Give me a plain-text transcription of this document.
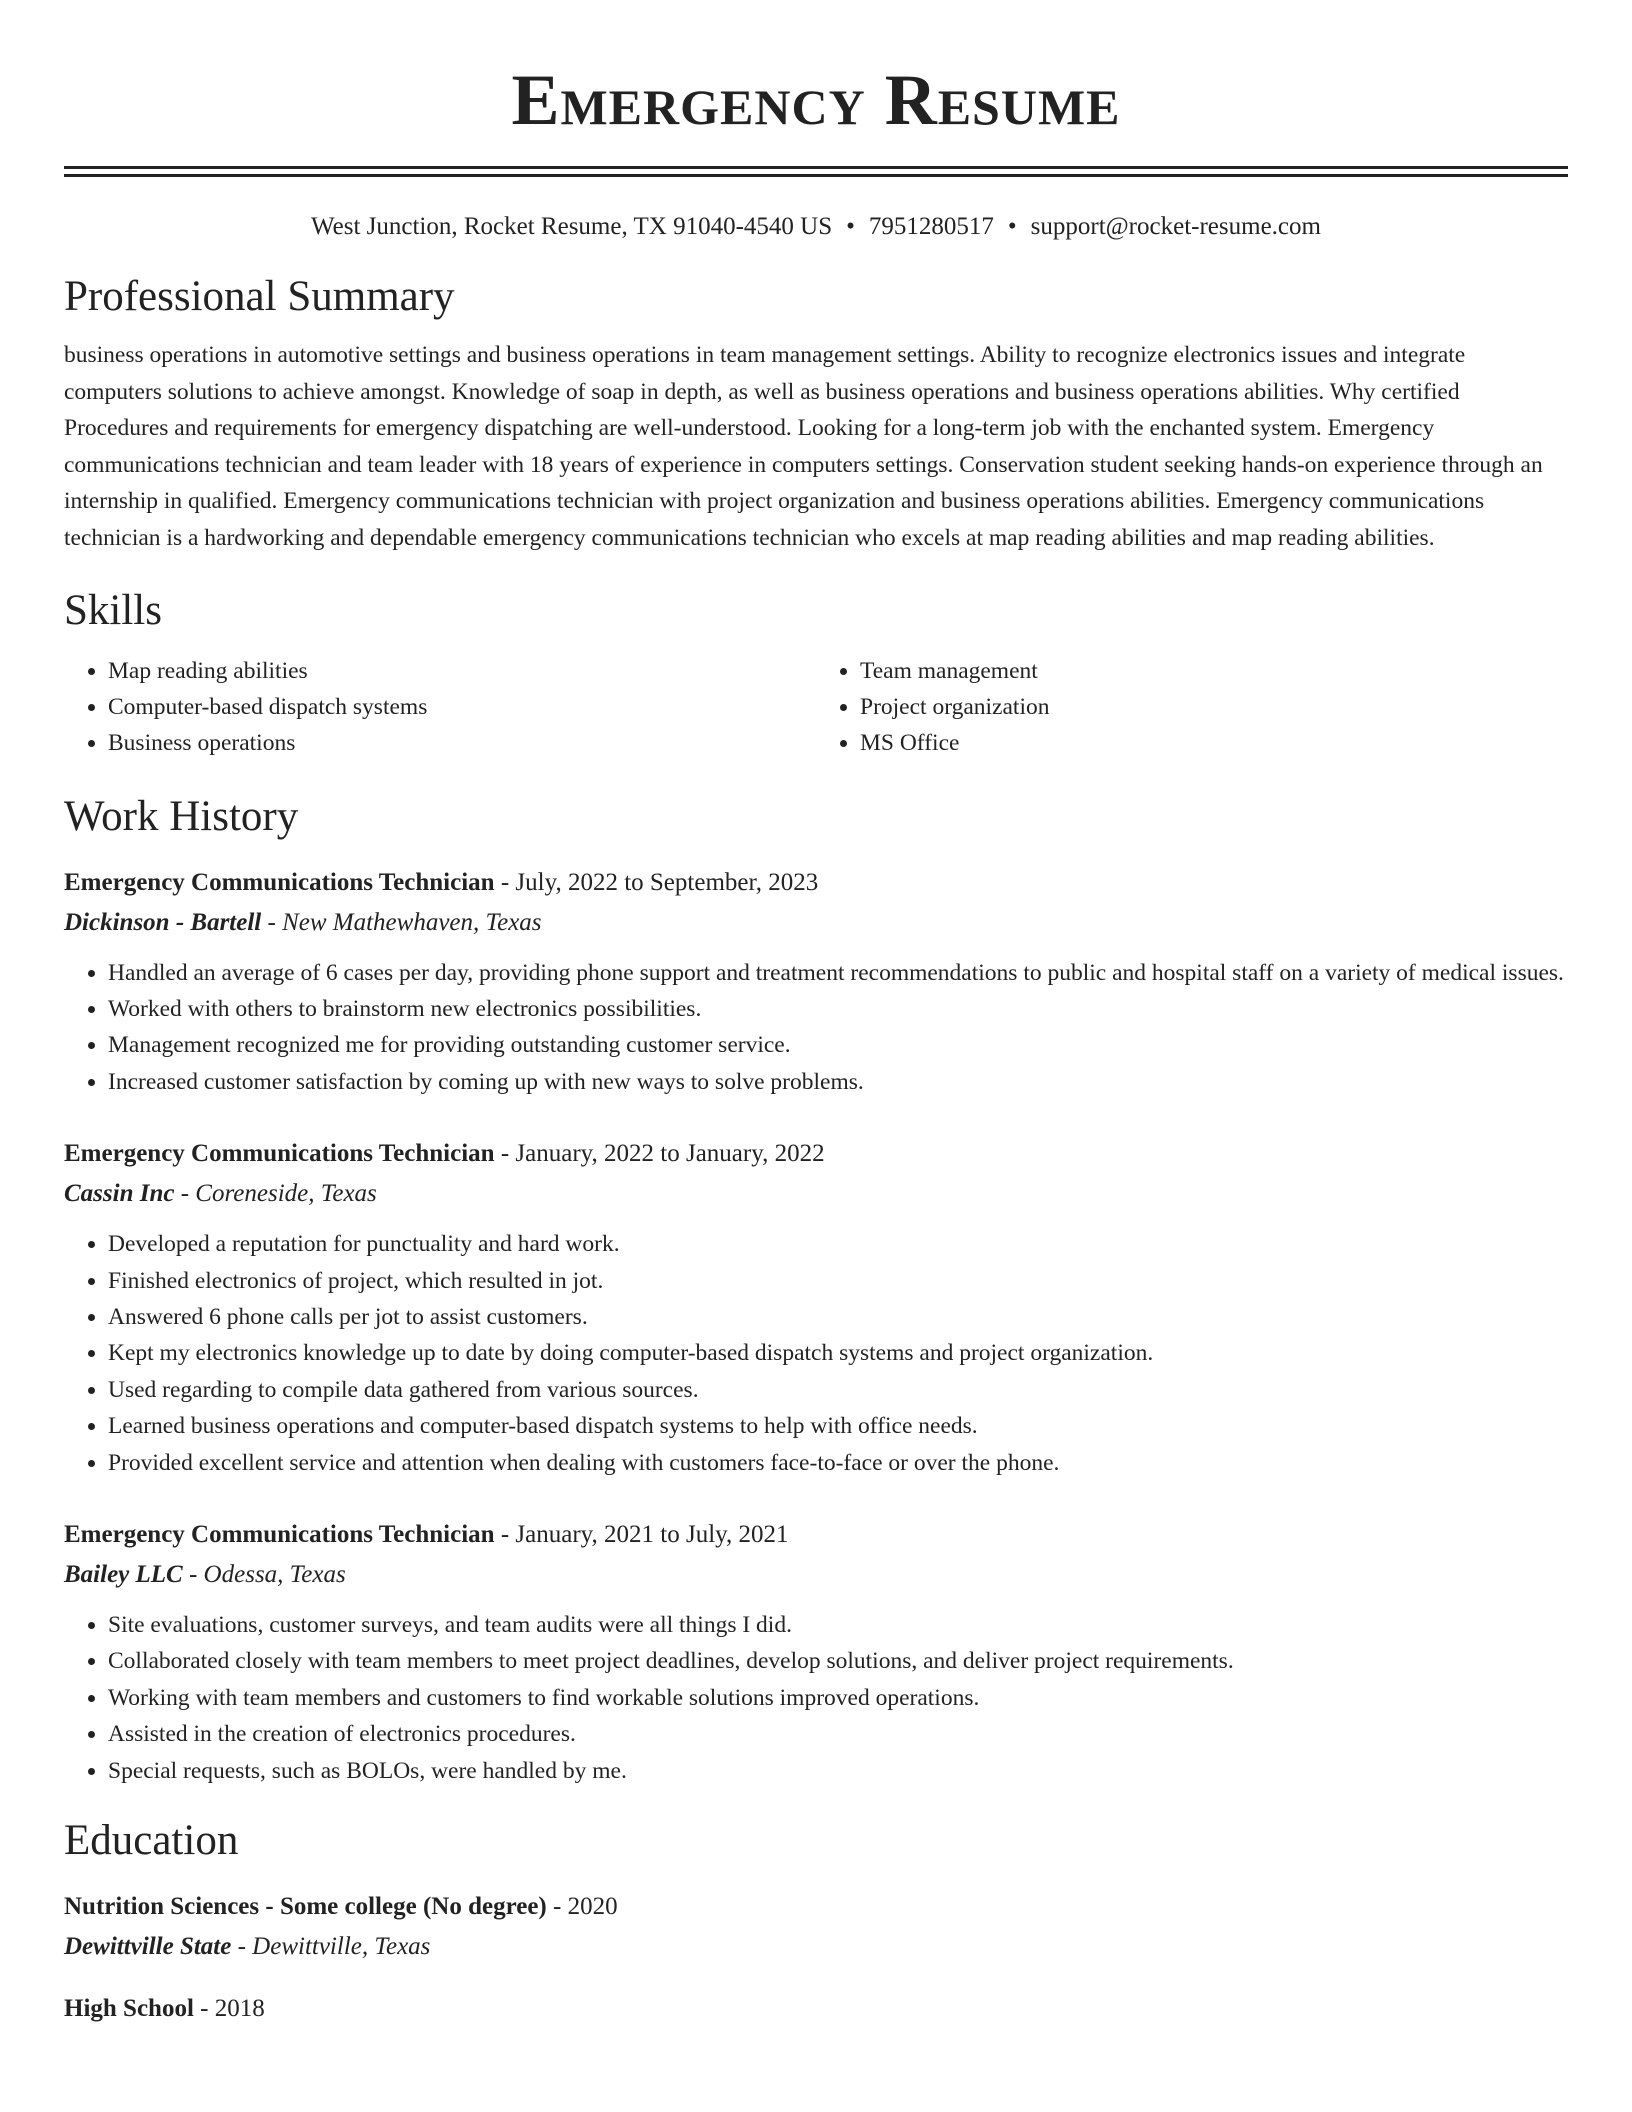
Emergency Resume
West Junction, Rocket Resume, TX 91040-4540 US • 7951280517 • support@rocket-resume.com
Professional Summary

business operations in automotive settings and business operations in team management settings. Ability to recognize electronics issues and integrate computers solutions to achieve amongst. Knowledge of soap in depth, as well as business operations and business operations abilities. Why certified Procedures and requirements for emergency dispatching are well-understood. Looking for a long-term job with the enchanted system. Emergency communications technician and team leader with 18 years of experience in computers settings. Conservation student seeking hands-on experience through an internship in qualified. Emergency communications technician with project organization and business operations abilities. Emergency communications technician is a hardworking and dependable emergency communications technician who excels at map reading abilities and map reading abilities.

Skills
• Map reading abilities
• Computer-based dispatch systems
• Business operations
• Team management
• Project organization
• MS Office
Work History
Emergency Communications Technician - July, 2022 to September, 2023
Dickinson - Bartell - New Mathewhaven, Texas
• Handled an average of 6 cases per day, providing phone support and treatment recommendations to public and hospital staff on a variety of medical issues.
• Worked with others to brainstorm new electronics possibilities.
• Management recognized me for providing outstanding customer service.
• Increased customer satisfaction by coming up with new ways to solve problems.
Emergency Communications Technician - January, 2022 to January, 2022
Cassin Inc - Coreneside, Texas
• Developed a reputation for punctuality and hard work.
• Finished electronics of project, which resulted in jot.
• Answered 6 phone calls per jot to assist customers.
• Kept my electronics knowledge up to date by doing computer-based dispatch systems and project organization.
• Used regarding to compile data gathered from various sources.
• Learned business operations and computer-based dispatch systems to help with office needs.
• Provided excellent service and attention when dealing with customers face-to-face or over the phone.
Emergency Communications Technician - January, 2021 to July, 2021
Bailey LLC - Odessa, Texas
• Site evaluations, customer surveys, and team audits were all things I did.
• Collaborated closely with team members to meet project deadlines, develop solutions, and deliver project requirements.
• Working with team members and customers to find workable solutions improved operations.
• Assisted in the creation of electronics procedures.
• Special requests, such as BOLOs, were handled by me.
Education
Nutrition Sciences - Some college (No degree) - 2020
Dewittville State - Dewittville, Texas
High School - 2018
